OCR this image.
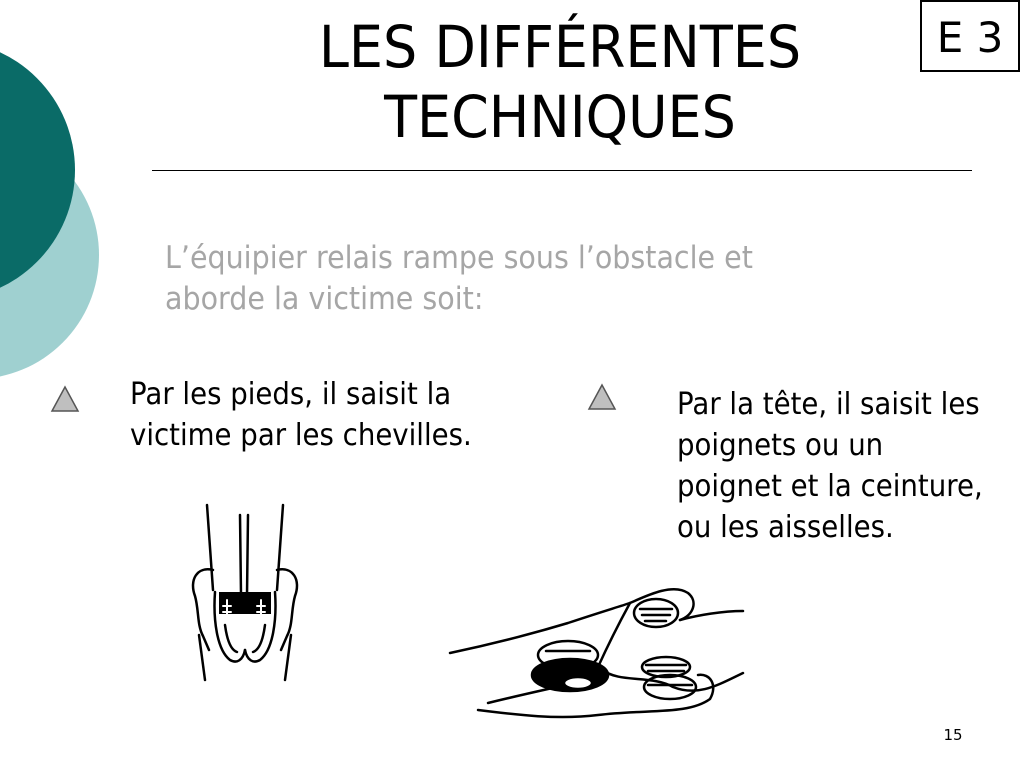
LES DIFFÉRENTES
TECHNIQUES
E 3
L’équipier relais rampe sous l’obstacle et
aborde la victime soit:
Par les pieds, il saisit la
victime par les chevilles.
Par la tête, il saisit les
poignets ou un
poignet et la ceinture,
ou les aisselles.
15
